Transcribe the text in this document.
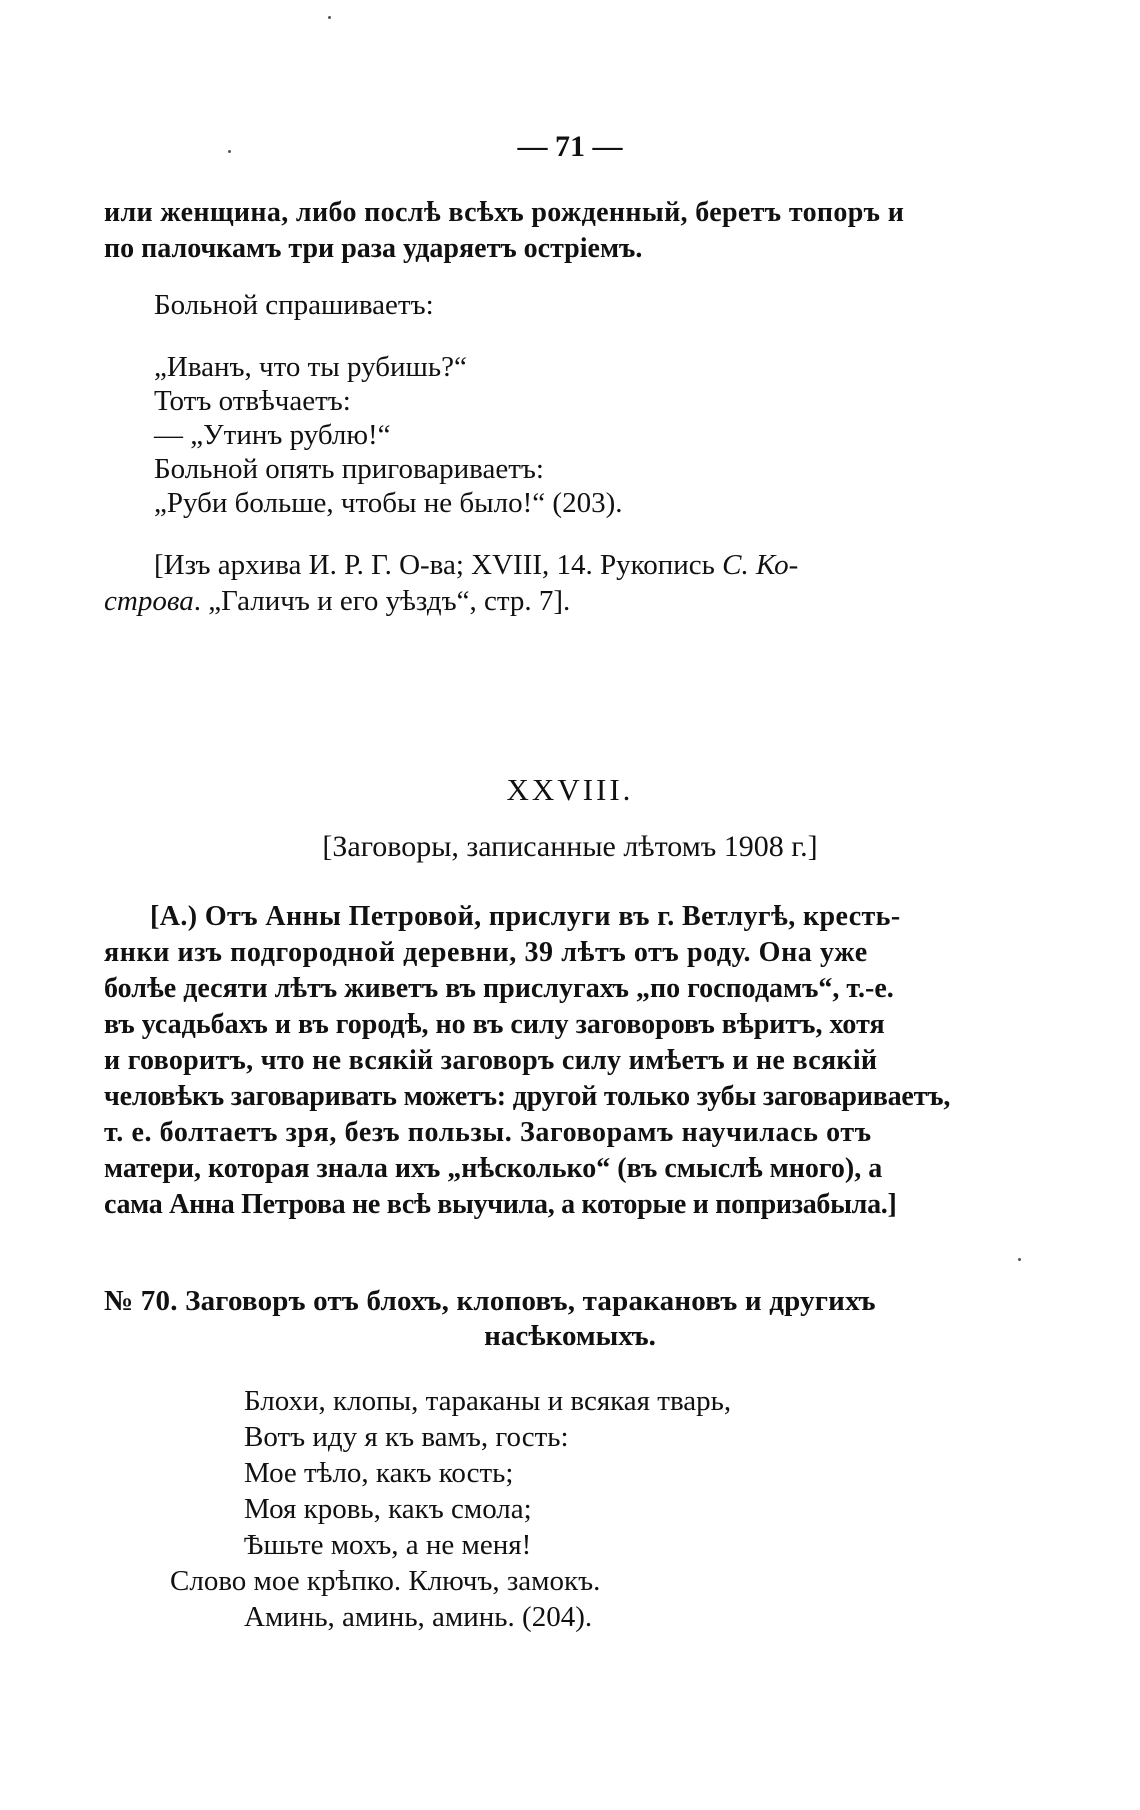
— 71 —
или женщина, либо послѣ всѣхъ рожденный, беретъ топоръ и
по палочкамъ три раза ударяетъ остріемъ.
Больной спрашиваетъ:
„Иванъ, что ты рубишь?“
Тотъ отвѣчаетъ:
— „Утинъ рублю!“
Больной опять приговариваетъ:
„Руби больше, чтобы не было!“ (203).
[Изъ архива И. Р. Г. О-ва; XVIII, 14. Рукопись С. Ко-
строва. „Галичъ и его уѣздъ“, стр. 7].
XXVIII.
[Заговоры, записанные лѣтомъ 1908 г.]
[А.) Отъ Анны Петровой, прислуги въ г. Ветлугѣ, кресть-
янки изъ подгородной деревни, 39 лѣтъ отъ роду. Она уже
болѣе десяти лѣтъ живетъ въ прислугахъ „по господамъ“, т.-е.
въ усадьбахъ и въ городѣ, но въ силу заговоровъ вѣритъ, хотя
и говоритъ, что не всякій заговоръ силу имѣетъ и не всякій
человѣкъ заговаривать можетъ: другой только зубы заговариваетъ,
т. е. болтаетъ зря, безъ пользы. Заговорамъ научилась отъ
матери, которая знала ихъ „нѣсколько“ (въ смыслѣ много), а
сама Анна Петрова не всѣ выучила, а которые и попризабыла.]
№ 70. Заговоръ отъ блохъ, клоповъ, таракановъ и другихъ
насѣкомыхъ.
Блохи, клопы, тараканы и всякая тварь,
Вотъ иду я къ вамъ, гость:
Мое тѣло, какъ кость;
Моя кровь, какъ смола;
Ѣшьте мохъ, а не меня!
Слово мое крѣпко. Ключъ, замокъ.
Аминь, аминь, аминь. (204).
